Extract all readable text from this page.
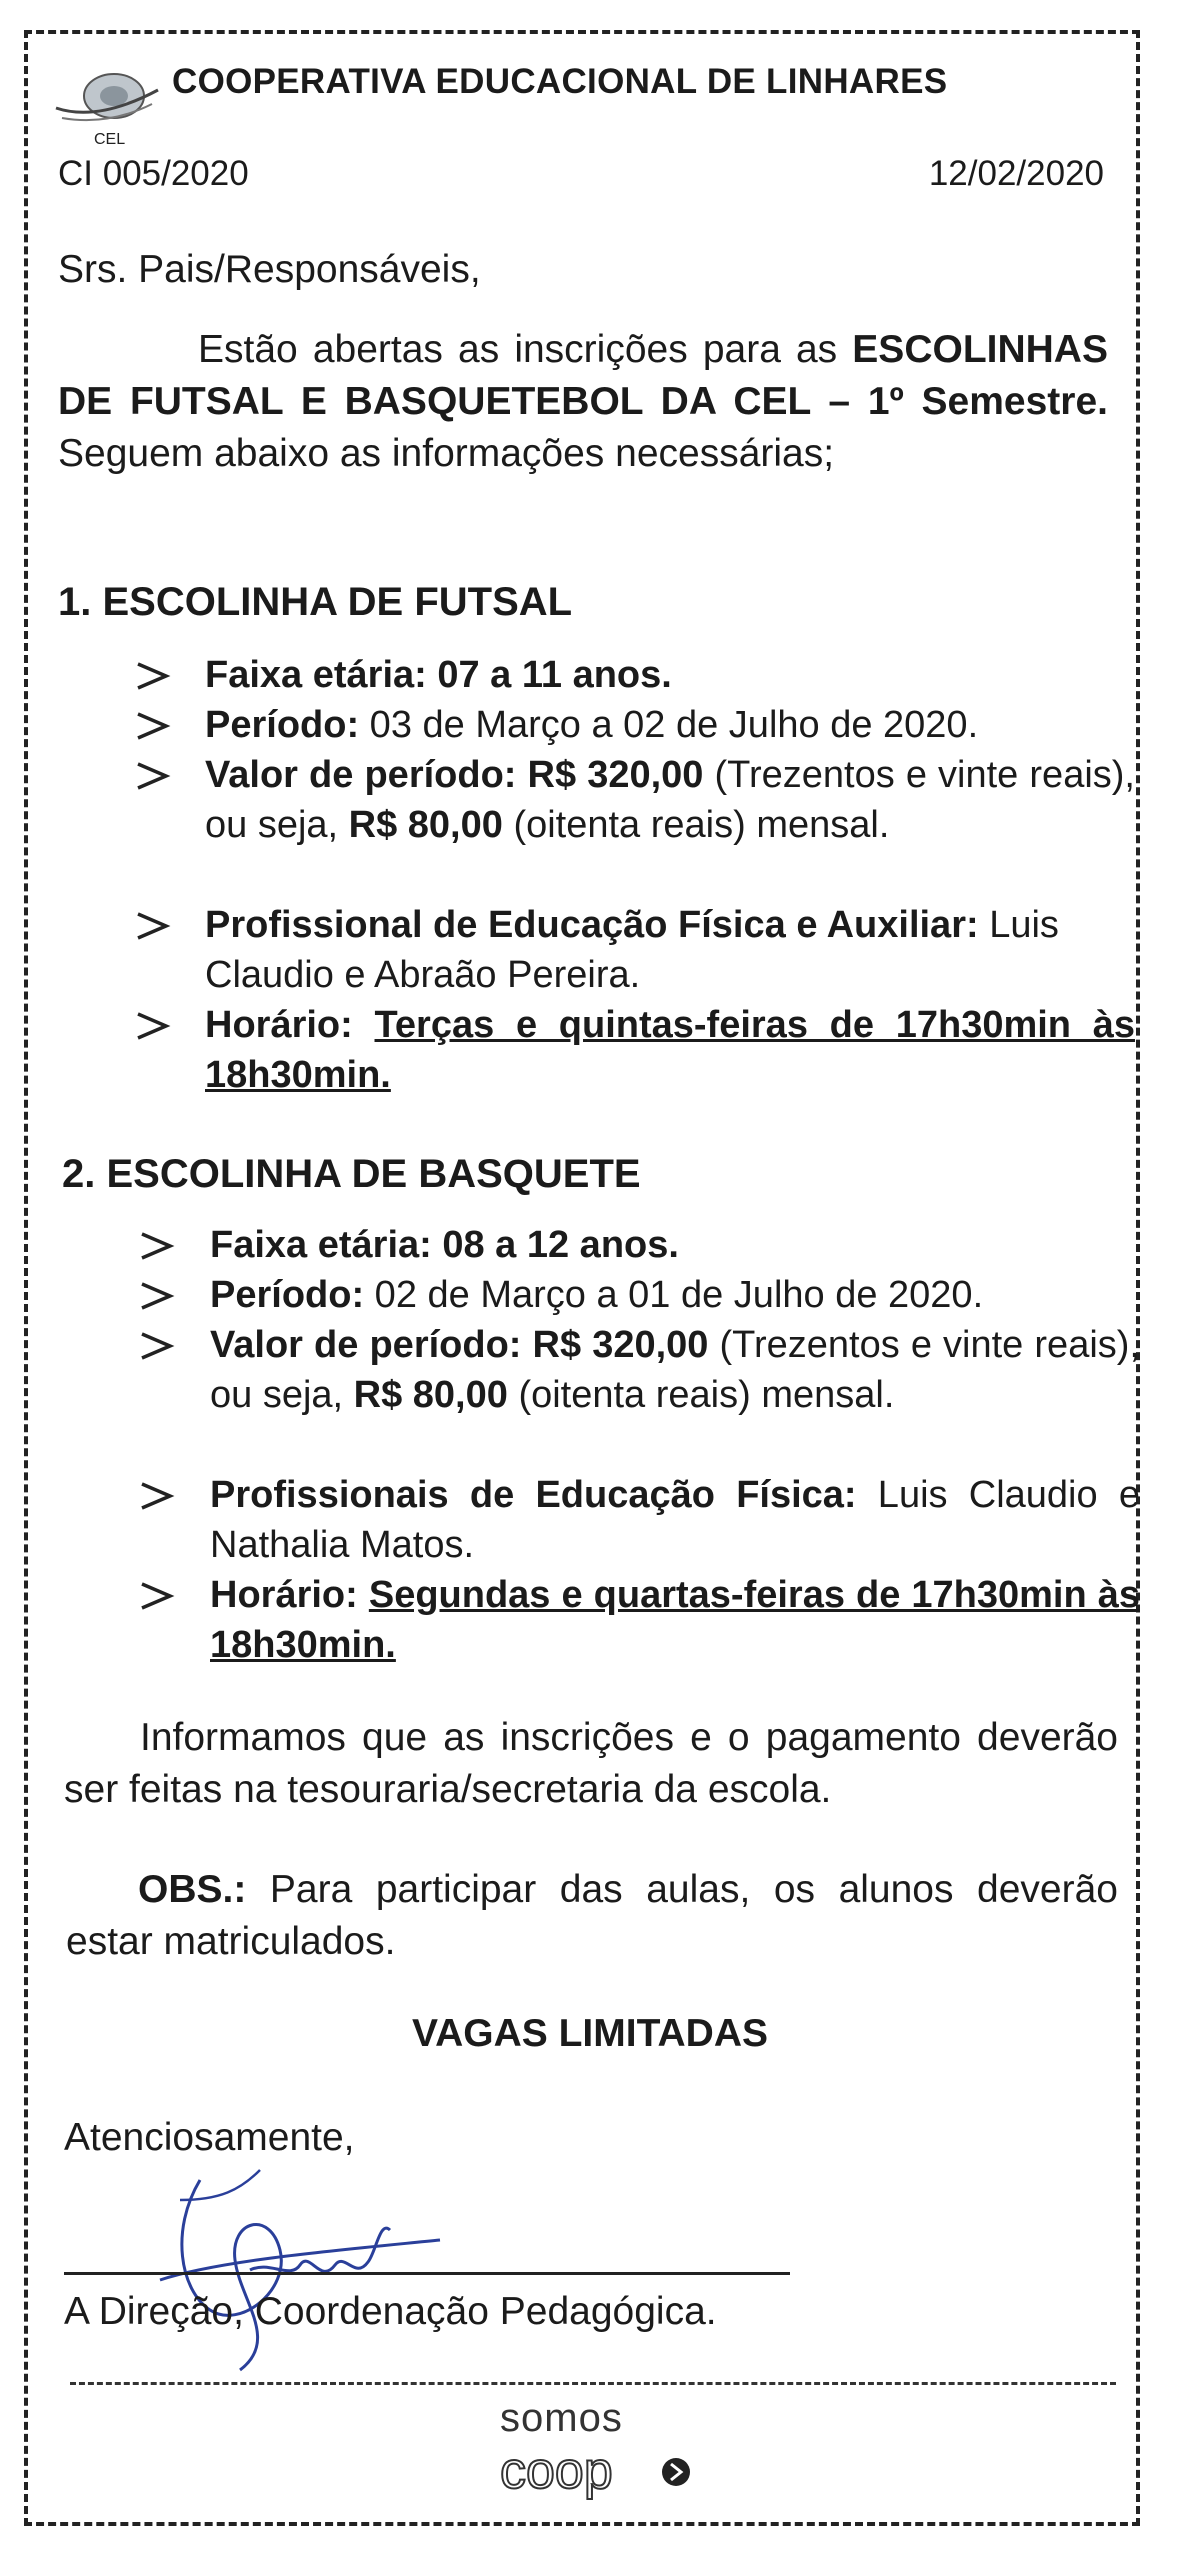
CEL
COOPERATIVA EDUCACIONAL DE LINHARES
CI 005/2020	12/02/2020
Srs. Pais/Responsáveis,
Estão abertas as inscrições para as ESCOLINHAS DE FUTSAL E BASQUETEBOL DA CEL – 1º Semestre. Seguem abaixo as informações necessárias;
1. ESCOLINHA DE FUTSAL
Faixa etária: 07 a 11 anos.
Período: 03 de Março a 02 de Julho de 2020.
Valor de período: R$ 320,00 (Trezentos e vinte reais), ou seja, R$ 80,00 (oitenta reais) mensal.
Profissional de Educação Física e Auxiliar: Luis Claudio e Abraão Pereira.
Horário: Terças e quintas-feiras de 17h30min às 18h30min.
2. ESCOLINHA DE BASQUETE
Faixa etária: 08 a 12 anos.
Período: 02 de Março a 01 de Julho de 2020.
Valor de período: R$ 320,00 (Trezentos e vinte reais), ou seja, R$ 80,00 (oitenta reais) mensal.
Profissionais de Educação Física: Luis Claudio e Nathalia Matos.
Horário: Segundas e quartas-feiras de 17h30min às 18h30min.
Informamos que as inscrições e o pagamento deverão ser feitas na tesouraria/secretaria da escola.
OBS.: Para participar das aulas, os alunos deverão estar matriculados.
VAGAS LIMITADAS
Atenciosamente,
A Direção, Coordenação Pedagógica.
somos
coop
